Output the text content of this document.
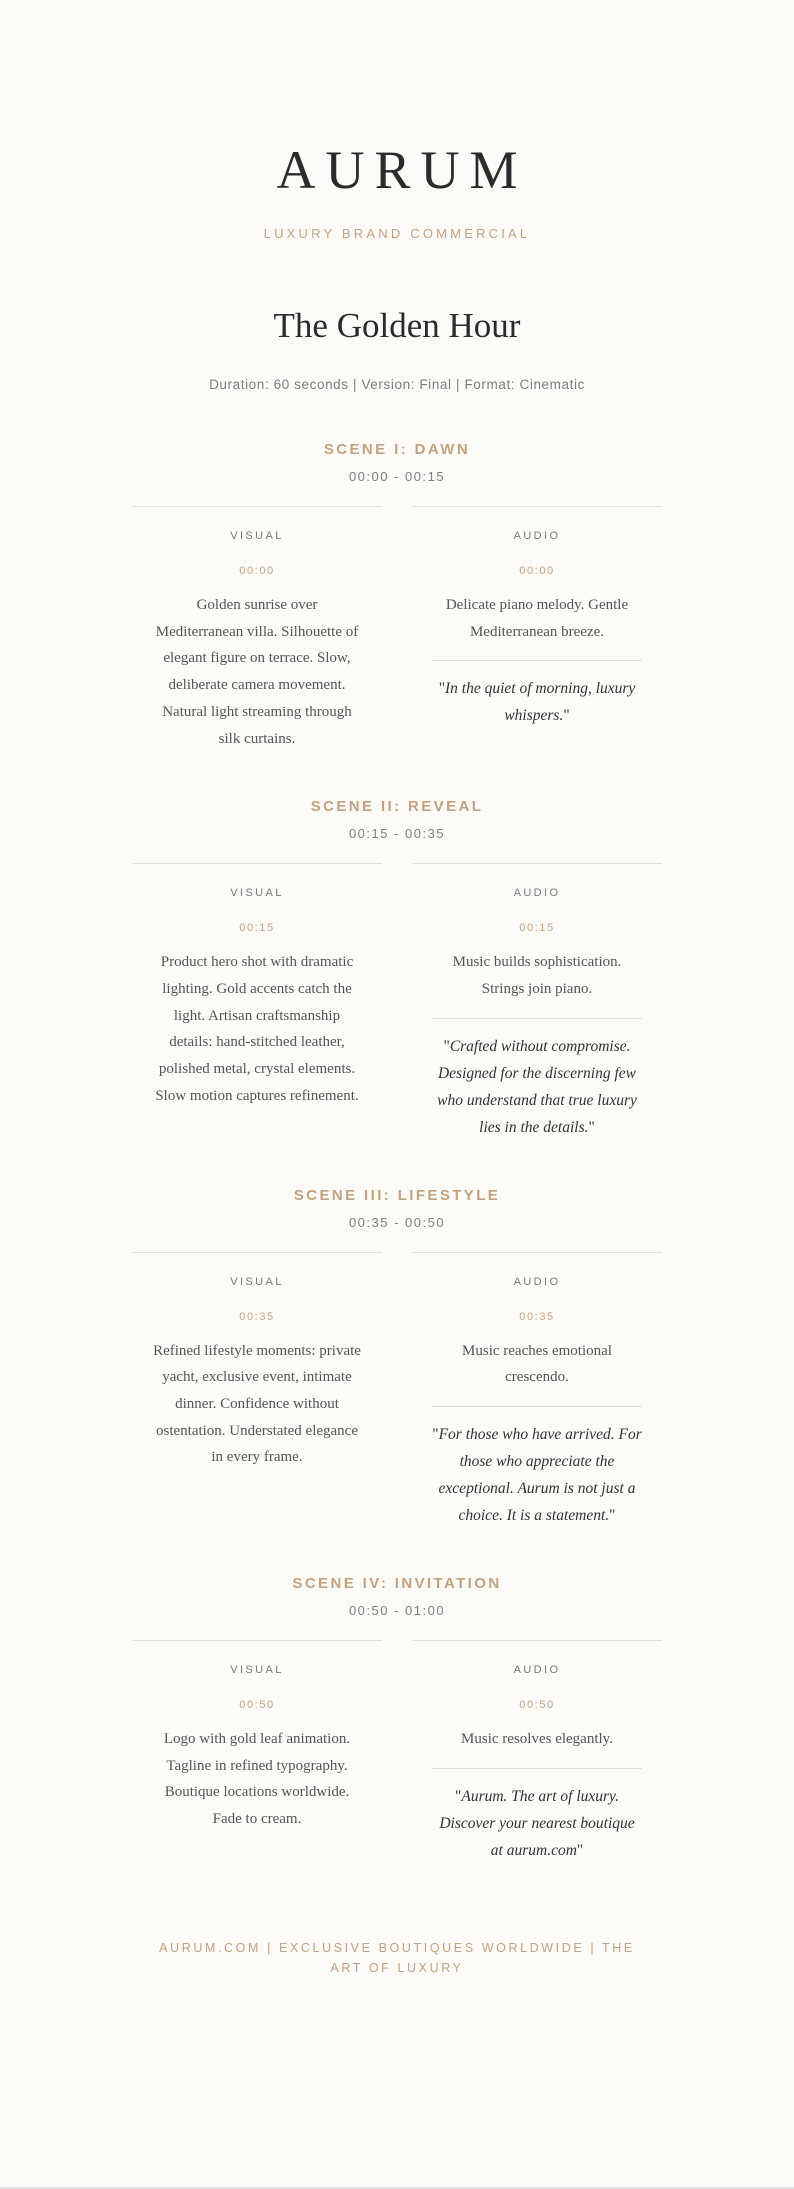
AURUM
LUXURY BRAND COMMERCIAL
The Golden Hour
Duration: 60 seconds | Version: Final | Format: Cinematic
SCENE I: DAWN
00:00 - 00:15
VISUAL
00:00

Golden sunrise over Mediterranean villa. Silhouette of elegant figure on terrace. Slow, deliberate camera movement. Natural light streaming through silk curtains.

AUDIO
00:00

Delicate piano melody. Gentle Mediterranean breeze.

"In the quiet of morning, luxury whispers."

SCENE II: REVEAL
00:15 - 00:35
VISUAL
00:15

Product hero shot with dramatic lighting. Gold accents catch the light. Artisan craftsmanship details: hand-stitched leather, polished metal, crystal elements. Slow motion captures refinement.

AUDIO
00:15

Music builds sophistication. Strings join piano.

"Crafted without compromise. Designed for the discerning few who understand that true luxury lies in the details."

SCENE III: LIFESTYLE
00:35 - 00:50
VISUAL
00:35

Refined lifestyle moments: private yacht, exclusive event, intimate dinner. Confidence without ostentation. Understated elegance in every frame.

AUDIO
00:35

Music reaches emotional crescendo.

"For those who have arrived. For those who appreciate the exceptional. Aurum is not just a choice. It is a statement."

SCENE IV: INVITATION
00:50 - 01:00
VISUAL
00:50

Logo with gold leaf animation. Tagline in refined typography. Boutique locations worldwide. Fade to cream.

AUDIO
00:50

Music resolves elegantly.

"Aurum. The art of luxury. Discover your nearest boutique at aurum.com"

AURUM.COM | EXCLUSIVE BOUTIQUES WORLDWIDE | THE ART OF LUXURY
